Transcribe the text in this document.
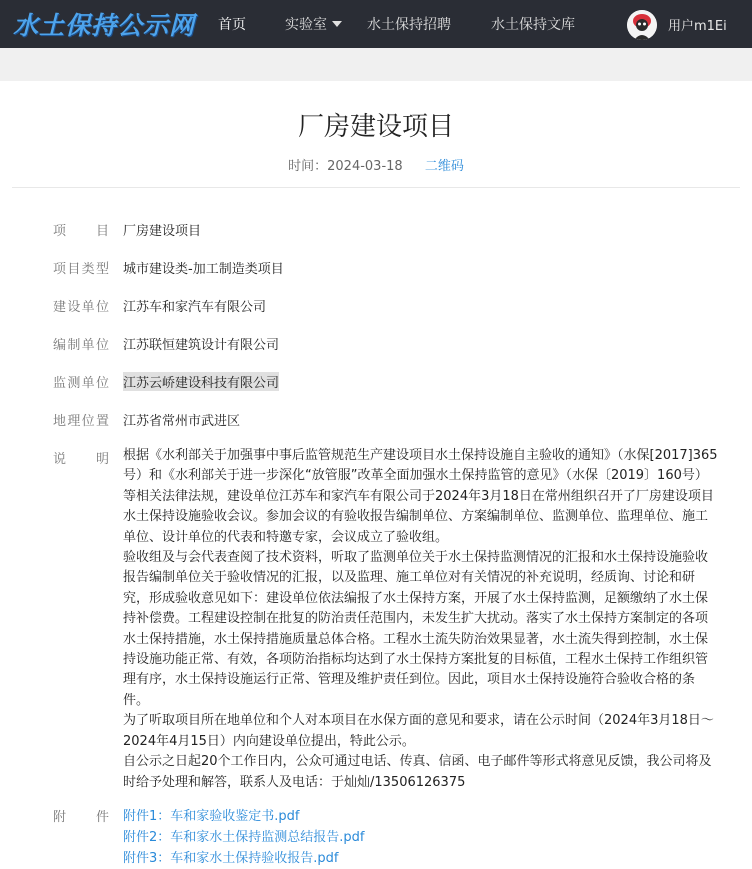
水土保持公示网 首页	实验室	水土保持招聘	水土保持文库	用户m1Ei
厂房建设项目
时间：2024-03-18 二维码
项目 厂房建设项目
项目类型 城市建设类-加工制造类项目
建设单位 江苏车和家汽车有限公司
编制单位 江苏联恒建筑设计有限公司
监测单位 江苏云峤建设科技有限公司
地理位置 江苏省常州市武进区
说明 根据《水利部关于加强事中事后监管规范生产建设项目水土保持设施自主验收的通知》（水保[2017]365号）和《水利部关于进一步深化“放管服”改革全面加强水土保持监管的意见》（水保〔2019〕160号）等相关法律法规，建设单位江苏车和家汽车有限公司于2024年3月18日在常州组织召开了厂房建设项目水土保持设施验收会议。参加会议的有验收报告编制单位、方案编制单位、监测单位、监理单位、施工单位、设计单位的代表和特邀专家，会议成立了验收组。

验收组及与会代表查阅了技术资料，听取了监测单位关于水土保持监测情况的汇报和水土保持设施验收报告编制单位关于验收情况的汇报，以及监理、施工单位对有关情况的补充说明，经质询、讨论和研究，形成验收意见如下：建设单位依法编报了水土保持方案，开展了水土保持监测，足额缴纳了水土保持补偿费。工程建设控制在批复的防治责任范围内，未发生扩大扰动。落实了水土保持方案制定的各项水土保持措施，水土保持措施质量总体合格。工程水土流失防治效果显著，水土流失得到控制，水土保持设施功能正常、有效，各项防治指标均达到了水土保持方案批复的目标值，工程水土保持工作组织管理有序，水土保持设施运行正常、管理及维护责任到位。因此，项目水土保持设施符合验收合格的条件。

为了听取项目所在地单位和个人对本项目在水保方面的意见和要求，请在公示时间（2024年3月18日～2024年4月15日）内向建设单位提出，特此公示。

自公示之日起20个工作日内，公众可通过电话、传真、信函、电子邮件等形式将意见反馈，我公司将及时给予处理和解答，联系人及电话：于灿灿/13506126375

附件 附件1：车和家验收鉴定书.pdf
附件2：车和家水土保持监测总结报告.pdf
附件3：车和家水土保持验收报告.pdf
